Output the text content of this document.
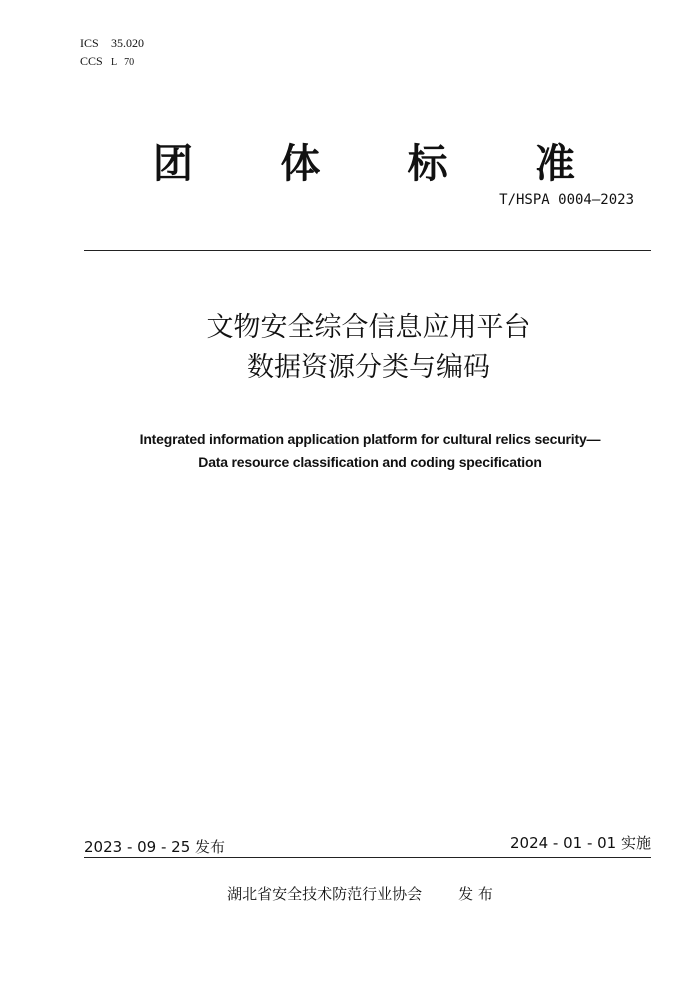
ICS 35.020
CCS L 70
团 体 标 准
T/HSPA 0004—2023
文物安全综合信息应用平台
数据资源分类与编码
Integrated information application platform for cultural relics security—
Data resource classification and coding specification
2023 - 09 - 25 发布	2024 - 01 - 01 实施
湖北省安全技术防范行业协会 发 布
